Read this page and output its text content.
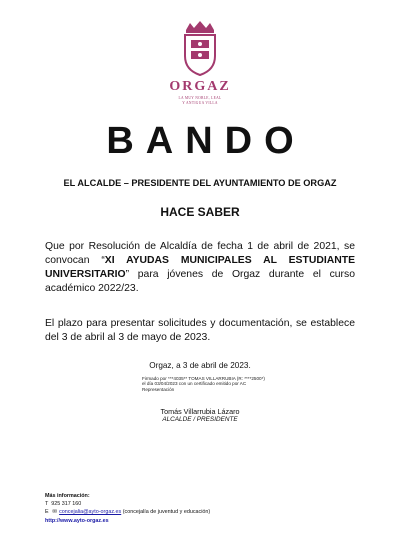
ORGAZ
LA MUY NOBLE, LEAL
Y ANTIGUA VILLA
BANDO
EL ALCALDE – PRESIDENTE DEL AYUNTAMIENTO DE ORGAZ
HACE SABER
Que por Resolución de Alcaldía de fecha 1 de abril de 2021, se convocan “XI AYUDAS MUNICIPALES AL ESTUDIANTE UNIVERSITARIO” para jóvenes de Orgaz durante el curso académico 2022/23.
El plazo para presentar solicitudes y documentación, se establece del 3 de abril al 3 de mayo de 2023.
Orgaz, a 3 de abril de 2023.
Firmado por ***4035** TOMAS VILLARRUBIA (R: ****2500*)
el día 03/04/2023 con un certificado emitido por AC
Representación
Tomás Villarrubia Lázaro
ALCALDE / PRESIDENTE
Más información:
T 925 317 160
E ✉ concejalia@ayto-orgaz.es (concejalía de juventud y educación)
http://www.ayto-orgaz.es
